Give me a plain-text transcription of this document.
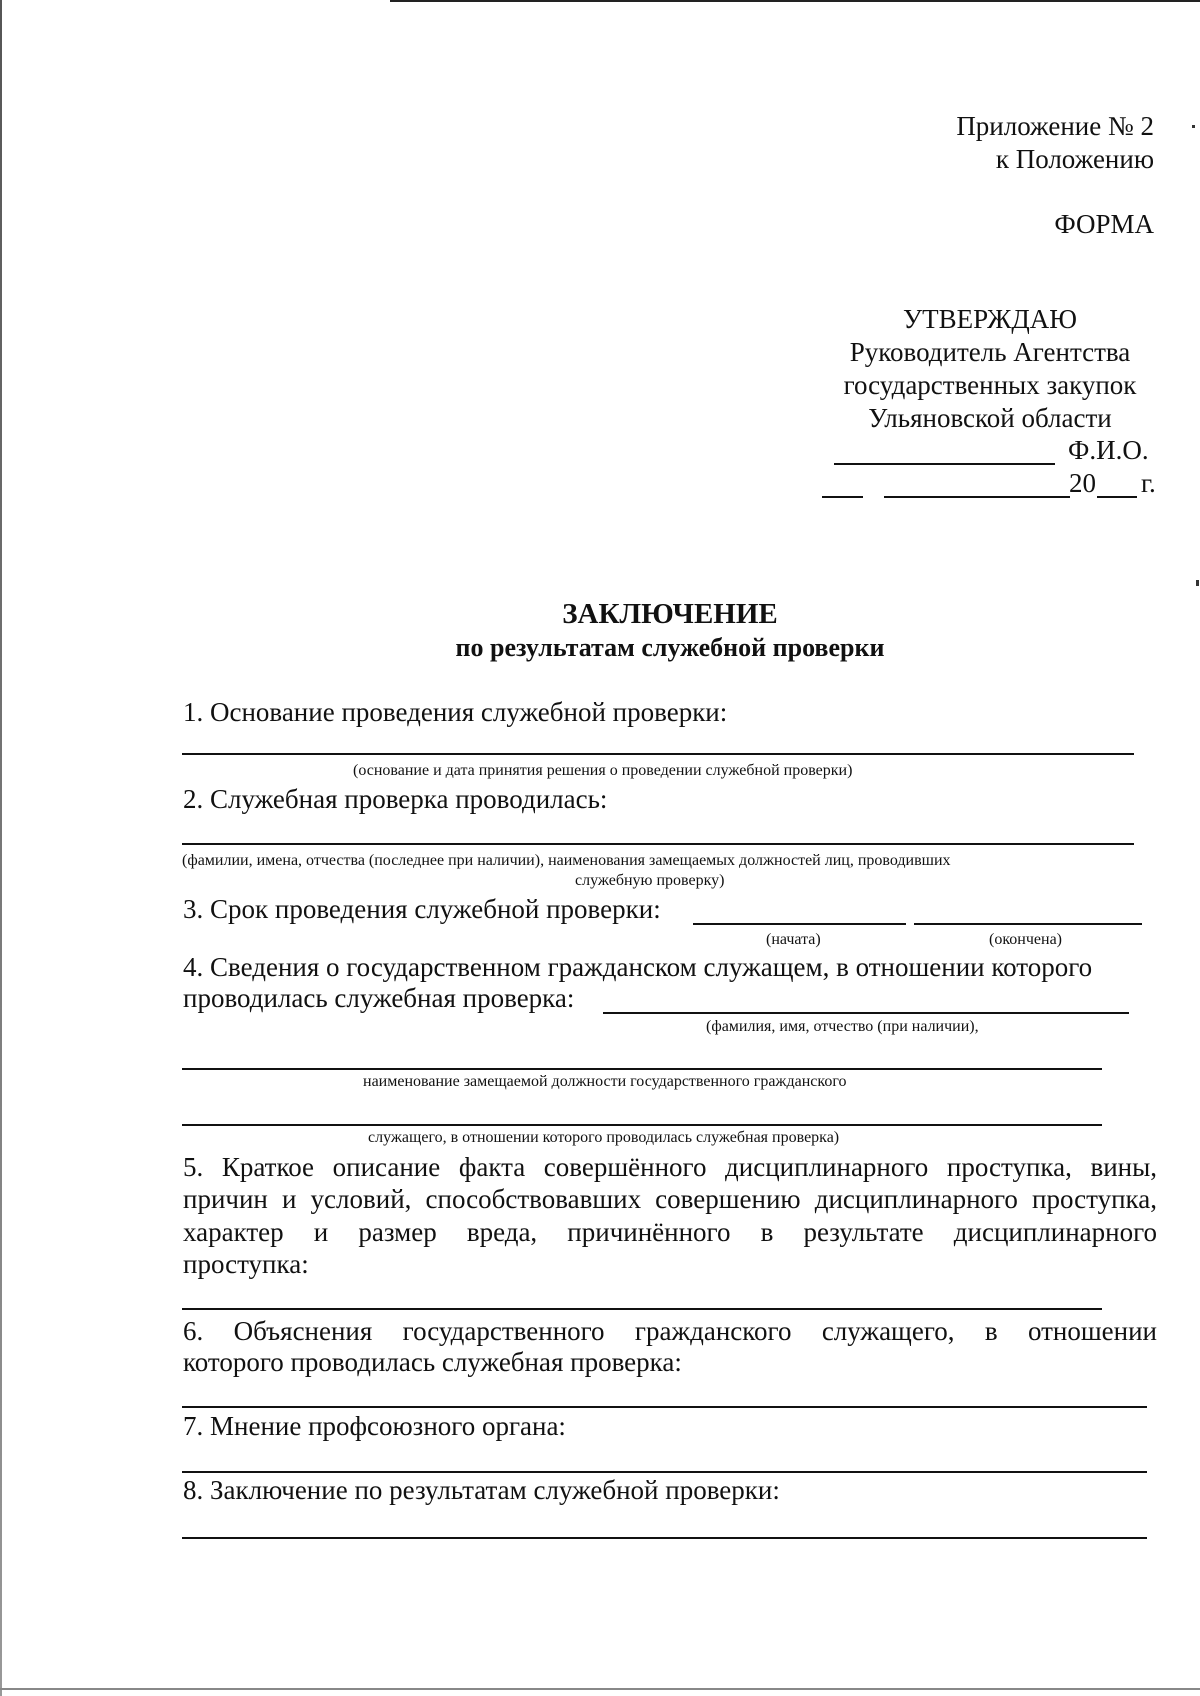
Приложение № 2
к Положению
ФОРМА
УТВЕРЖДАЮ
Руководитель Агентства
государственных закупок
Ульяновской области
Ф.И.О.
20 г.
ЗАКЛЮЧЕНИЕ
по результатам служебной проверки
1. Основание проведения служебной проверки:
(основание и дата принятия решения о проведении служебной проверки)
2. Служебная проверка проводилась:
(фамилии, имена, отчества (последнее при наличии), наименования замещаемых должностей лиц, проводивших
служебную проверку)
3. Срок проведения служебной проверки:
(начата)	(окончена)
4. Сведения о государственном гражданском служащем, в отношении которого
проводилась служебная проверка:
(фамилия, имя, отчество (при наличии),
наименование замещаемой должности государственного гражданского
служащего, в отношении которого проводилась служебная проверка)
5. Краткое описание факта совершённого дисциплинарного проступка, вины,
причин и условий, способствовавших совершению дисциплинарного проступка,
характер и размер вреда, причинённого в результате дисциплинарного
проступка:
6. Объяснения государственного гражданского служащего, в отношении
которого проводилась служебная проверка:
7. Мнение профсоюзного органа:
8. Заключение по результатам служебной проверки:
